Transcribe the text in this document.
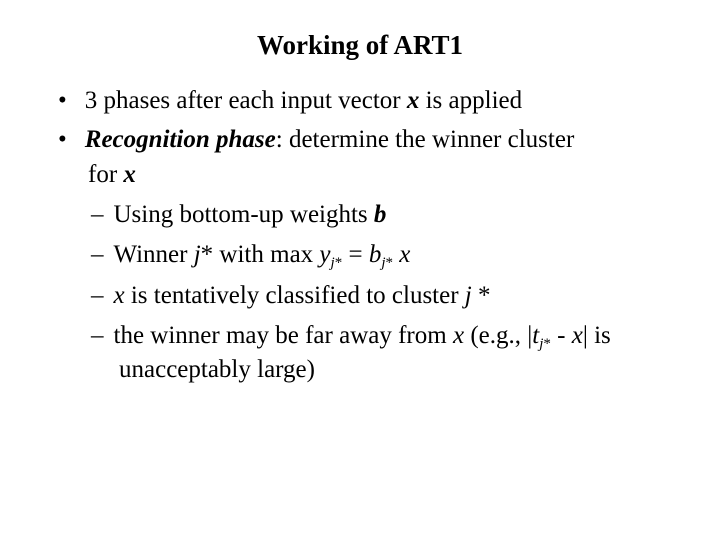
Working of ART1
• 3 phases after each input vector x is applied
• Recognition phase: determine the winner cluster
for x
– Using bottom-up weights b
– Winner j* with $\max y_{j*} = b_{j*}$ x
– x is tentatively classified to cluster j *
– the winner may be far away from x (e.g., $|t_{j*} - x|$ is
unacceptably large)
